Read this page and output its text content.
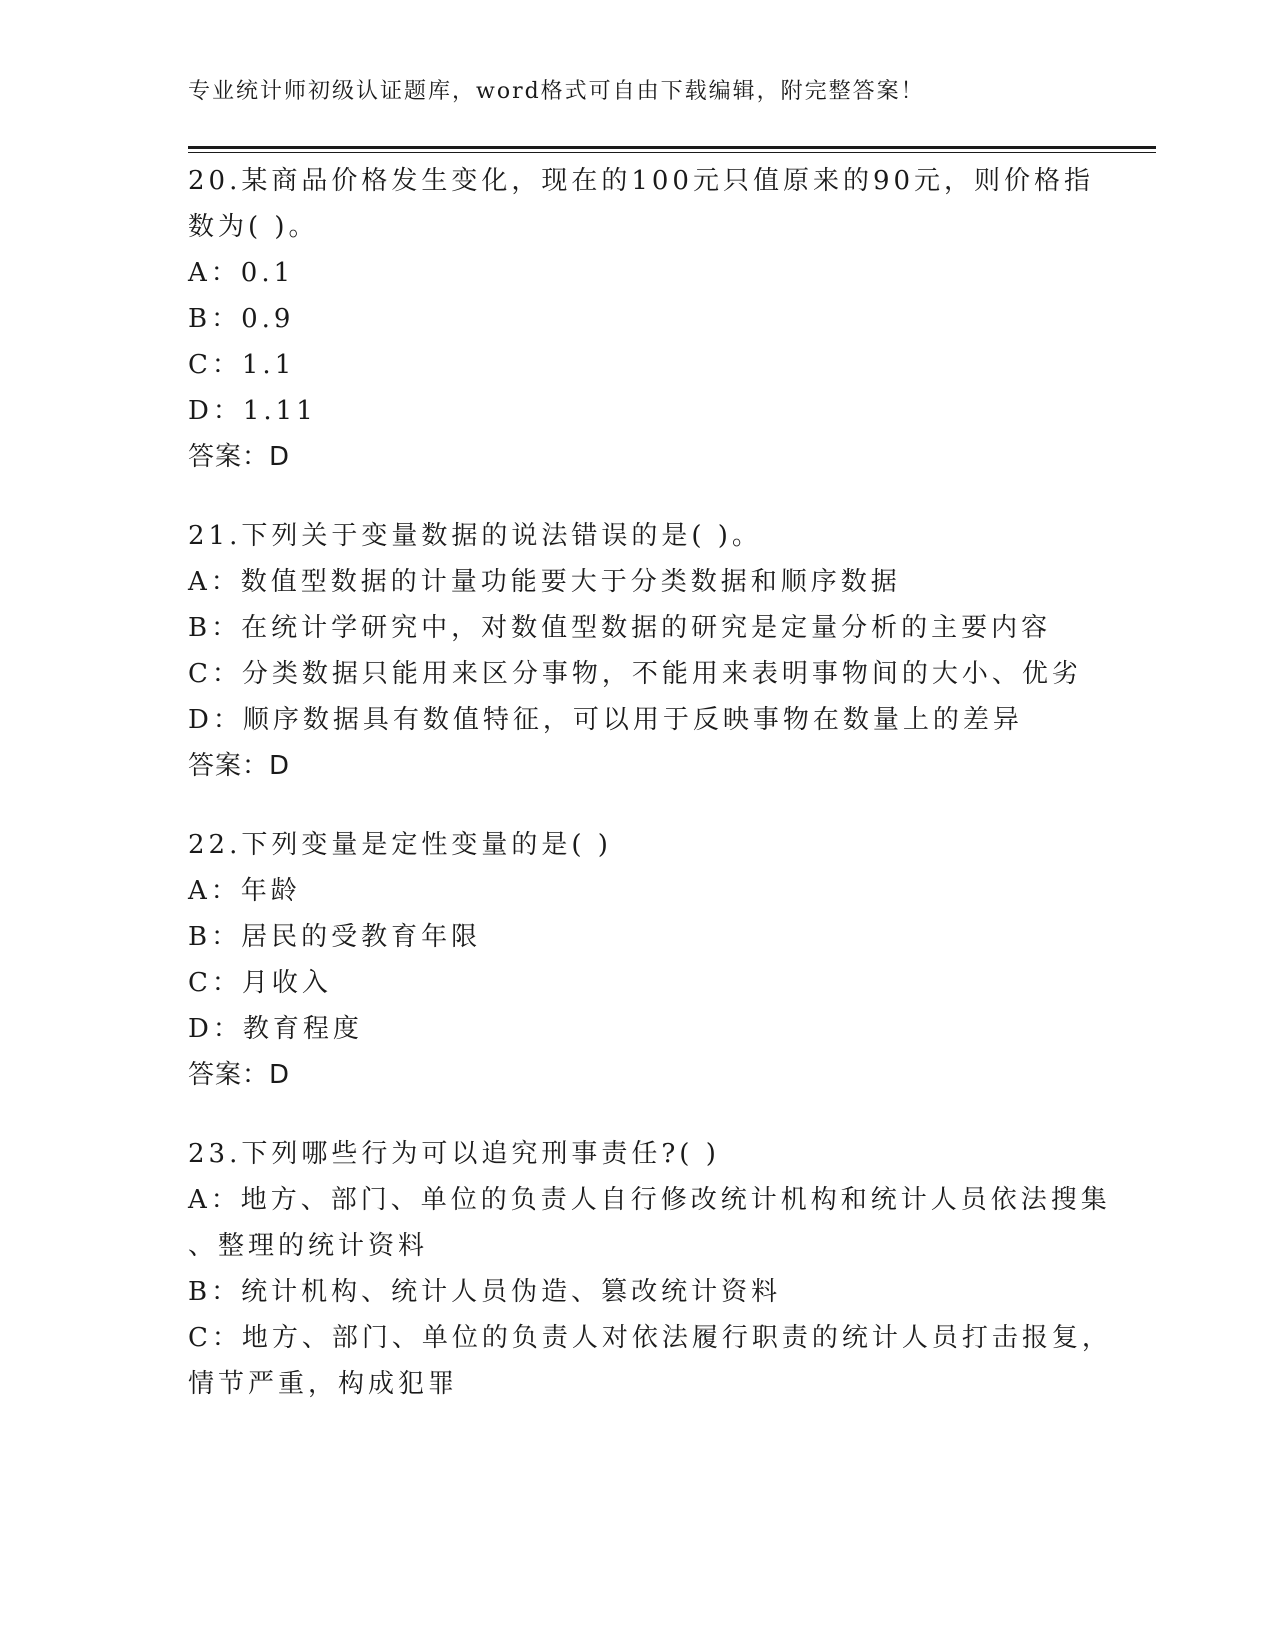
专业统计师初级认证题库，word格式可自由下载编辑，附完整答案！
20.某商品价格发生变化，现在的100元只值原来的90元，则价格指
数为( )。
A：0.1
B：0.9
C：1.1
D：1.11
答案：D
21.下列关于变量数据的说法错误的是( )。
A：数值型数据的计量功能要大于分类数据和顺序数据
B：在统计学研究中，对数值型数据的研究是定量分析的主要内容
C：分类数据只能用来区分事物，不能用来表明事物间的大小、优劣
D：顺序数据具有数值特征，可以用于反映事物在数量上的差异
答案：D
22.下列变量是定性变量的是( )
A：年龄
B：居民的受教育年限
C：月收入
D：教育程度
答案：D
23.下列哪些行为可以追究刑事责任?( )
A：地方、部门、单位的负责人自行修改统计机构和统计人员依法搜集
、整理的统计资料
B：统计机构、统计人员伪造、篡改统计资料
C：地方、部门、单位的负责人对依法履行职责的统计人员打击报复，
情节严重，构成犯罪
